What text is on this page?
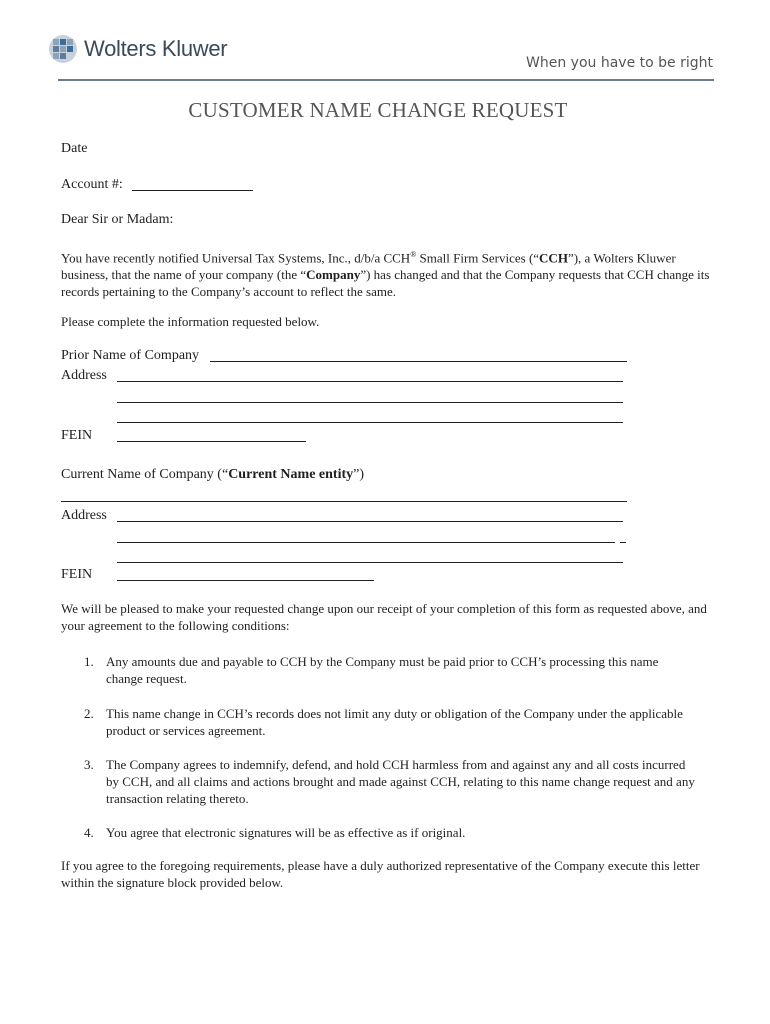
Wolters Kluwer
When you have to be right
CUSTOMER NAME CHANGE REQUEST
Date
Account #:
Dear Sir or Madam:
You have recently notified Universal Tax Systems, Inc., d/b/a CCH® Small Firm Services (“CCH”), a Wolters Kluwer business, that the name of your company (the “Company”) has changed and that the Company requests that CCH change its records pertaining to the Company’s account to reflect the same.
Please complete the information requested below.
Prior Name of Company
Address
FEIN
Current Name of Company (“Current Name entity”)
Address
FEIN
We will be pleased to make your requested change upon our receipt of your completion of this form as requested above, and your agreement to the following conditions:
1. Any amounts due and payable to CCH by the Company must be paid prior to CCH’s processing this name change request.
2. This name change in CCH’s records does not limit any duty or obligation of the Company under the applicable product or services agreement.
3. The Company agrees to indemnify, defend, and hold CCH harmless from and against any and all costs incurred by CCH, and all claims and actions brought and made against CCH, relating to this name change request and any transaction relating thereto.
4. You agree that electronic signatures will be as effective as if original.
If you agree to the foregoing requirements, please have a duly authorized representative of the Company execute this letter within the signature block provided below.
